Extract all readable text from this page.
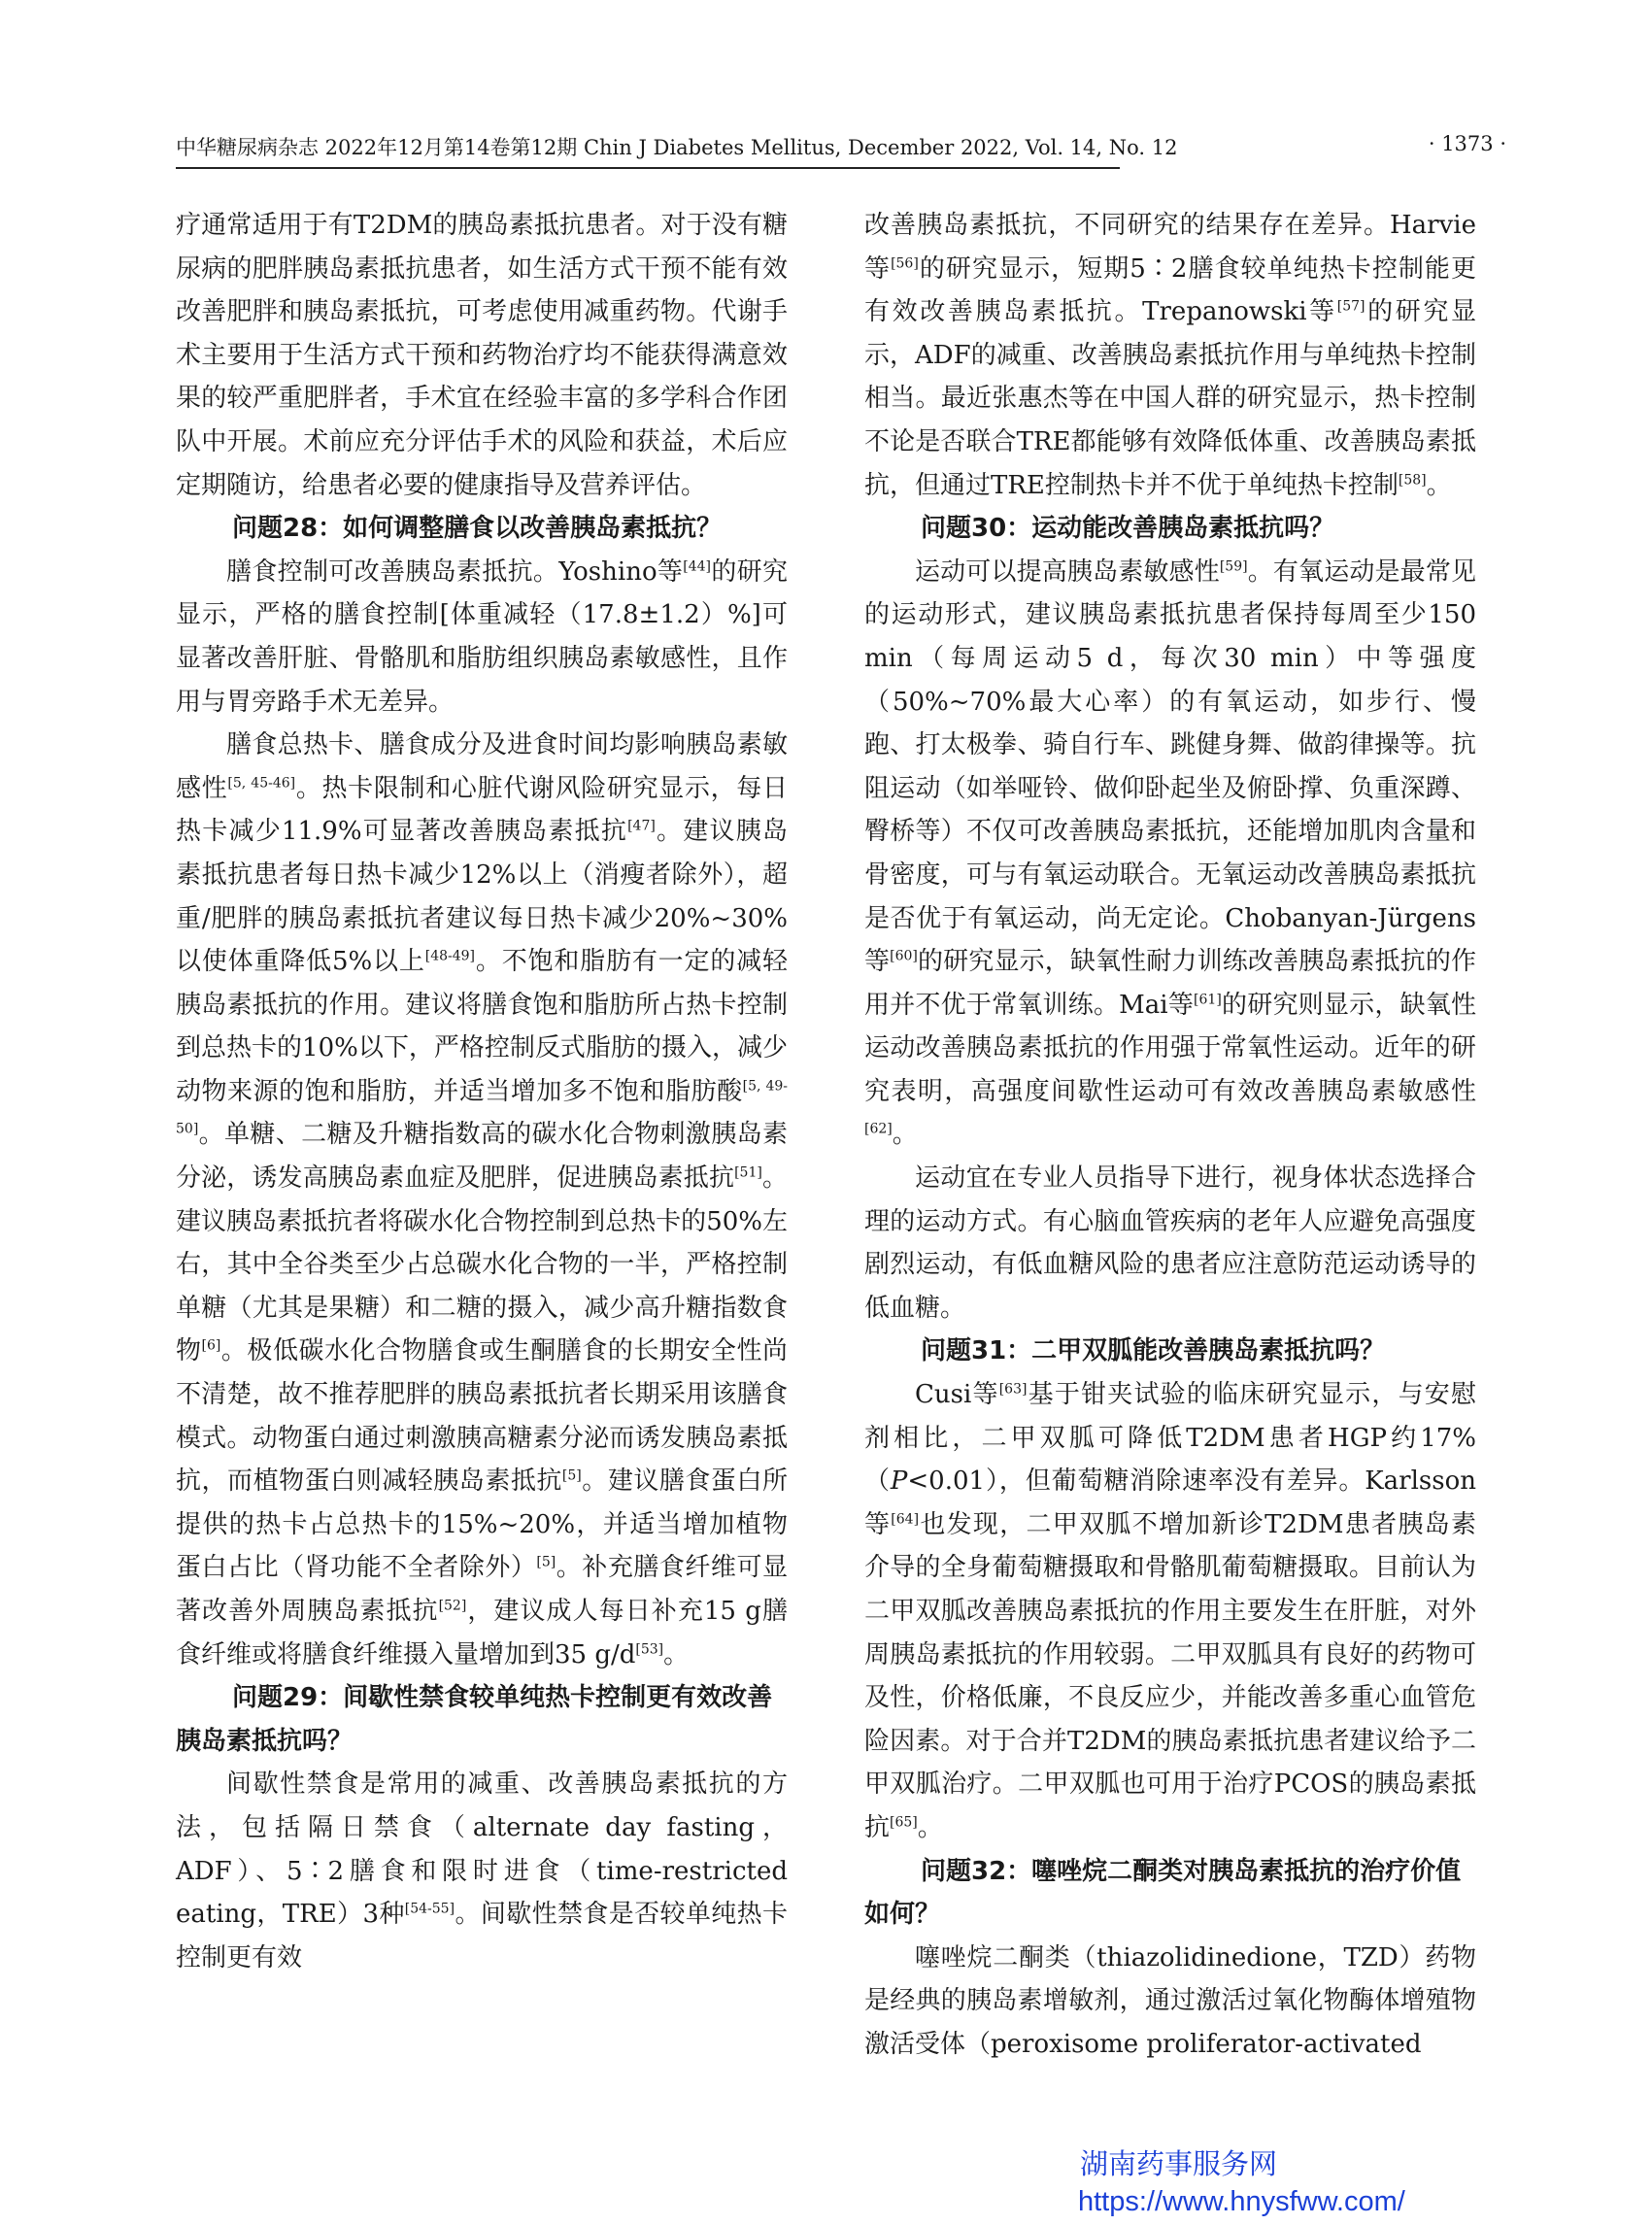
中华糖尿病杂志 2022年12月第14卷第12期 Chin J Diabetes Mellitus, December 2022, Vol. 14, No. 12	· 1373 ·

疗通常适用于有T2DM的胰岛素抵抗患者。对于没有糖尿病的肥胖胰岛素抵抗患者，如生活方式干预不能有效改善肥胖和胰岛素抵抗，可考虑使用减重药物。代谢手术主要用于生活方式干预和药物治疗均不能获得满意效果的较严重肥胖者，手术宜在经验丰富的多学科合作团队中开展。术前应充分评估手术的风险和获益，术后应定期随访，给患者必要的健康指导及营养评估。

问题28：如何调整膳食以改善胰岛素抵抗？

膳食控制可改善胰岛素抵抗。Yoshino等[44]的研究显示，严格的膳食控制[体重减轻（17.8±1.2）%]可显著改善肝脏、骨骼肌和脂肪组织胰岛素敏感性，且作用与胃旁路手术无差异。

膳食总热卡、膳食成分及进食时间均影响胰岛素敏感性[5, 45-46]。热卡限制和心脏代谢风险研究显示，每日热卡减少11.9%可显著改善胰岛素抵抗[47]。建议胰岛素抵抗患者每日热卡减少12%以上（消瘦者除外），超重/肥胖的胰岛素抵抗者建议每日热卡减少20%~30%以使体重降低5%以上[48-49]。不饱和脂肪有一定的减轻胰岛素抵抗的作用。建议将膳食饱和脂肪所占热卡控制到总热卡的10%以下，严格控制反式脂肪的摄入，减少动物来源的饱和脂肪，并适当增加多不饱和脂肪酸[5, 49-50]。单糖、二糖及升糖指数高的碳水化合物刺激胰岛素分泌，诱发高胰岛素血症及肥胖，促进胰岛素抵抗[51]。建议胰岛素抵抗者将碳水化合物控制到总热卡的50%左右，其中全谷类至少占总碳水化合物的一半，严格控制单糖（尤其是果糖）和二糖的摄入，减少高升糖指数食物[6]。极低碳水化合物膳食或生酮膳食的长期安全性尚不清楚，故不推荐肥胖的胰岛素抵抗者长期采用该膳食模式。动物蛋白通过刺激胰高糖素分泌而诱发胰岛素抵抗，而植物蛋白则减轻胰岛素抵抗[5]。建议膳食蛋白所提供的热卡占总热卡的15%~20%，并适当增加植物蛋白占比（肾功能不全者除外）[5]。补充膳食纤维可显著改善外周胰岛素抵抗[52]，建议成人每日补充15 g膳食纤维或将膳食纤维摄入量增加到35 g/d[53]。

问题29：间歇性禁食较单纯热卡控制更有效改善胰岛素抵抗吗？

间歇性禁食是常用的减重、改善胰岛素抵抗的方法，包括隔日禁食（alternate day fasting，ADF）、5∶2膳食和限时进食（time-restricted eating，TRE）3种[54-55]。间歇性禁食是否较单纯热卡控制更有效

改善胰岛素抵抗，不同研究的结果存在差异。Harvie等[56]的研究显示，短期5∶2膳食较单纯热卡控制能更有效改善胰岛素抵抗。Trepanowski等[57]的研究显示，ADF的减重、改善胰岛素抵抗作用与单纯热卡控制相当。最近张惠杰等在中国人群的研究显示，热卡控制不论是否联合TRE都能够有效降低体重、改善胰岛素抵抗，但通过TRE控制热卡并不优于单纯热卡控制[58]。

问题30：运动能改善胰岛素抵抗吗？

运动可以提高胰岛素敏感性[59]。有氧运动是最常见的运动形式，建议胰岛素抵抗患者保持每周至少150 min（每周运动5 d，每次30 min）中等强度（50%~70%最大心率）的有氧运动，如步行、慢跑、打太极拳、骑自行车、跳健身舞、做韵律操等。抗阻运动（如举哑铃、做仰卧起坐及俯卧撑、负重深蹲、臀桥等）不仅可改善胰岛素抵抗，还能增加肌肉含量和骨密度，可与有氧运动联合。无氧运动改善胰岛素抵抗是否优于有氧运动，尚无定论。Chobanyan-Jürgens等[60]的研究显示，缺氧性耐力训练改善胰岛素抵抗的作用并不优于常氧训练。Mai等[61]的研究则显示，缺氧性运动改善胰岛素抵抗的作用强于常氧性运动。近年的研究表明，高强度间歇性运动可有效改善胰岛素敏感性[62]。

运动宜在专业人员指导下进行，视身体状态选择合理的运动方式。有心脑血管疾病的老年人应避免高强度剧烈运动，有低血糖风险的患者应注意防范运动诱导的低血糖。

问题31：二甲双胍能改善胰岛素抵抗吗？

Cusi等[63]基于钳夹试验的临床研究显示，与安慰剂相比，二甲双胍可降低T2DM患者HGP约17%（P<0.01），但葡萄糖消除速率没有差异。Karlsson等[64]也发现，二甲双胍不增加新诊T2DM患者胰岛素介导的全身葡萄糖摄取和骨骼肌葡萄糖摄取。目前认为二甲双胍改善胰岛素抵抗的作用主要发生在肝脏，对外周胰岛素抵抗的作用较弱。二甲双胍具有良好的药物可及性，价格低廉，不良反应少，并能改善多重心血管危险因素。对于合并T2DM的胰岛素抵抗患者建议给予二甲双胍治疗。二甲双胍也可用于治疗PCOS的胰岛素抵抗[65]。

问题32：噻唑烷二酮类对胰岛素抵抗的治疗价值如何？

噻唑烷二酮类（thiazolidinedione，TZD）药物是经典的胰岛素增敏剂，通过激活过氧化物酶体增殖物激活受体（peroxisome proliferator-activated

湖南药事服务网
https://www.hnysfww.com/
